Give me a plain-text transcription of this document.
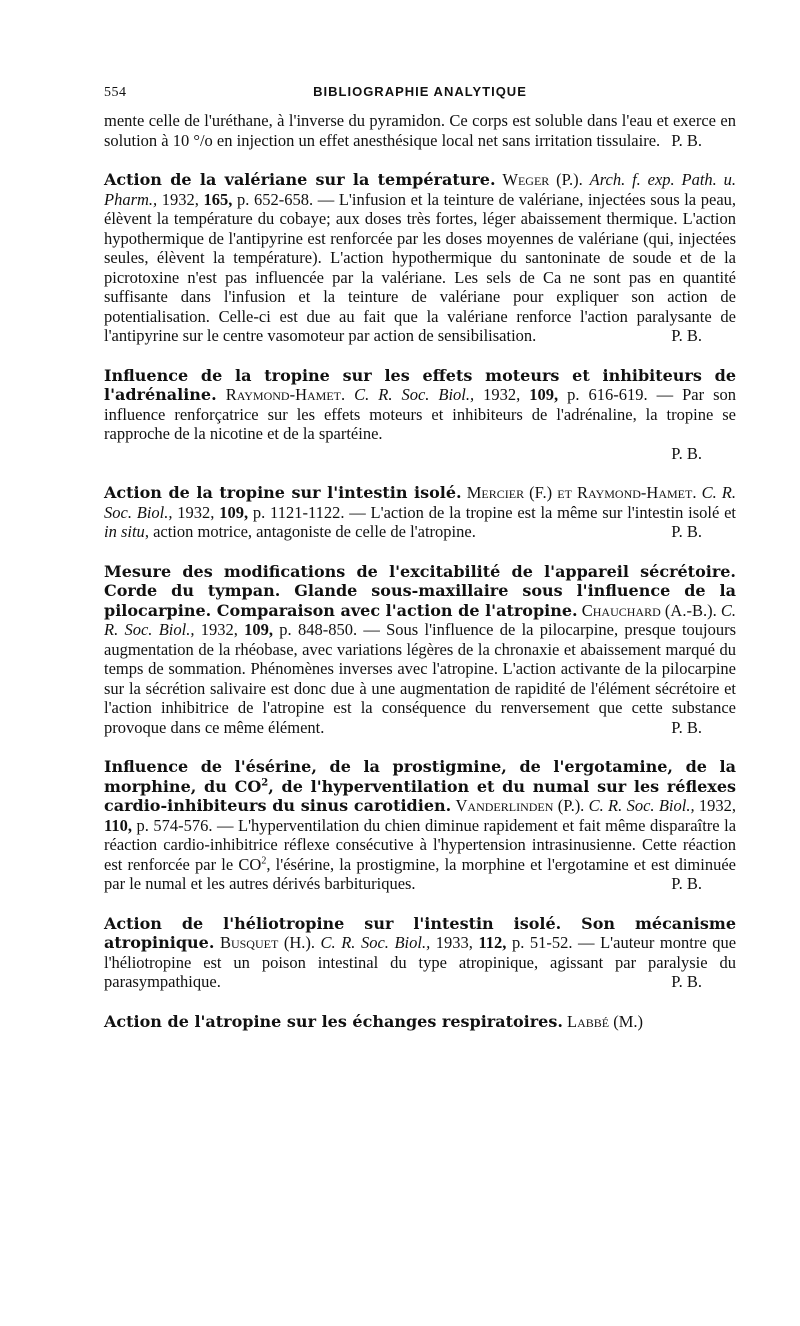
554	BIBLIOGRAPHIE ANALYTIQUE

mente celle de l'uréthane, à l'inverse du pyramidon. Ce corps est soluble dans l'eau et exerce en solution à 10 °/o en injection un effet anesthésique local net sans irritation tissulaire. P. B.

Action de la valériane sur la température. Weger (P.). Arch. f. exp. Path. u. Pharm., 1932, 165, p. 652-658. — L'infusion et la teinture de valériane, injectées sous la peau, élèvent la température du cobaye; aux doses très fortes, léger abaissement thermique. L'action hypothermique de l'antipyrine est renforcée par les doses moyennes de valériane (qui, injectées seules, élèvent la température). L'action hypothermique du santoninate de soude et de la picrotoxine n'est pas influencée par la valériane. Les sels de Ca ne sont pas en quantité suffisante dans l'infusion et la teinture de valériane pour expliquer son action de potentialisation. Celle-ci est due au fait que la valériane renforce l'action paralysante de l'antipyrine sur le centre vasomoteur par action de sensibilisation.	P. B.

Influence de la tropine sur les effets moteurs et inhibiteurs de l'adrénaline. Raymond-Hamet. C. R. Soc. Biol., 1932, 109, p. 616-619. — Par son influence renforçatrice sur les effets moteurs et inhibiteurs de l'adrénaline, la tropine se rapproche de la nicotine et de la spartéine.

P. B.

Action de la tropine sur l'intestin isolé. Mercier (F.) et Raymond-Hamet. C. R. Soc. Biol., 1932, 109, p. 1121-1122. — L'action de la tropine est la même sur l'intestin isolé et in situ, action motrice, antagoniste de celle de l'atropine.	P. B.

Mesure des modifications de l'excitabilité de l'appareil sécrétoire. Corde du tympan. Glande sous-maxillaire sous l'influence de la pilocarpine. Comparaison avec l'action de l'atropine. Chauchard (A.-B.). C. R. Soc. Biol., 1932, 109, p. 848-850. — Sous l'influence de la pilocarpine, presque toujours augmentation de la rhéobase, avec variations légères de la chronaxie et abaissement marqué du temps de sommation. Phénomènes inverses avec l'atropine. L'action activante de la pilocarpine sur la sécrétion salivaire est donc due à une augmentation de rapidité de l'élément sécrétoire et l'action inhibitrice de l'atropine est la conséquence du renversement que cette substance provoque dans ce même élément.	P. B.

Influence de l'ésérine, de la prostigmine, de l'ergotamine, de la morphine, du $CO^2$, de l'hyperventilation et du numal sur les réflexes cardio-inhibiteurs du sinus carotidien. Vanderlinden (P.). C. R. Soc. Biol., 1932, 110, p. 574-576. — L'hyperventilation du chien diminue rapidement et fait même disparaître la réaction cardio-inhibitrice réflexe consécutive à l'hypertension intrasinusienne. Cette réaction est renforcée par le $CO^2$, l'ésérine, la prostigmine, la morphine et l'ergotamine et est diminuée par le numal et les autres dérivés barbituriques.	P. B.

Action de l'héliotropine sur l'intestin isolé. Son mécanisme atropinique. Busquet (H.). C. R. Soc. Biol., 1933, 112, p. 51-52. — L'auteur montre que l'héliotropine est un poison intestinal du type atropinique, agissant par paralysie du parasympathique.	P. B.

Action de l'atropine sur les échanges respiratoires. Labbé (M.)
